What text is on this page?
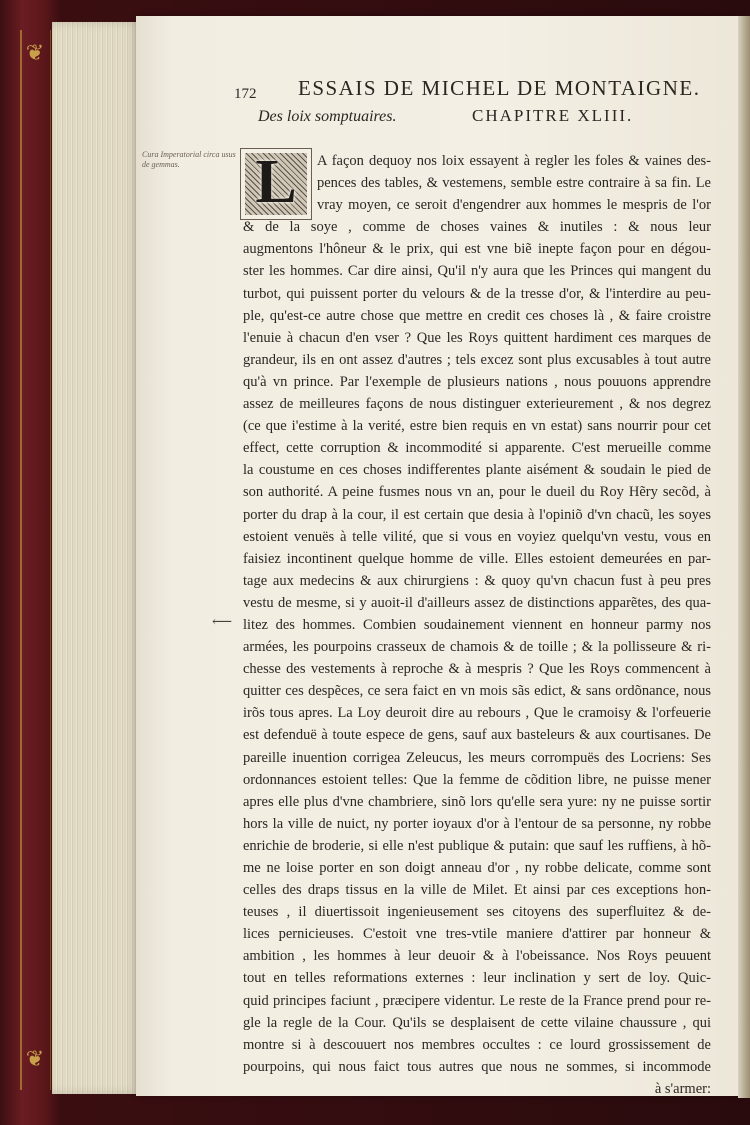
❦
❦
172 ESSAIS DE MICHEL DE MONTAIGNE.
Des loix somptuaires.	CHAPITRE XLIII.
Cura Imperatorial circa usus de gemmas.
⟵
L	A façon dequoy nos loix essayent à regler les foles & vaines des-
pences des tables, & vestemens, semble estre contraire à sa fin. Le
vray moyen, ce seroit d'engendrer aux hommes le mespris de l'or
& de la soye , comme de choses vaines & inutiles : & nous leur
augmentons l'hôneur & le prix, qui est vne biẽ inepte façon pour en dégou-
ster les hommes. Car dire ainsi, Qu'il n'y aura que les Princes qui mangent du
turbot, qui puissent porter du velours & de la tresse d'or, & l'interdire au peu-
ple, qu'est-ce autre chose que mettre en credit ces choses là , & faire croistre
l'enuie à chacun d'en vser ? Que les Roys quittent hardiment ces marques de
grandeur, ils en ont assez d'autres ; tels excez sont plus excusables à tout autre
qu'à vn prince. Par l'exemple de plusieurs nations , nous pouuons apprendre
assez de meilleures façons de nous distinguer exterieurement , & nos degrez
(ce que i'estime à la verité, estre bien requis en vn estat) sans nourrir pour cet
effect, cette corruption & incommodité si apparente. C'est merueille comme
la coustume en ces choses indifferentes plante aisément & soudain le pied de
son authorité. A peine fusmes nous vn an, pour le dueil du Roy Hẽry secõd, à
porter du drap à la cour, il est certain que desia à l'opiniõ d'vn chacũ, les soyes
estoient venuës à telle vilité, que si vous en voyiez quelqu'vn vestu, vous en
faisiez incontinent quelque homme de ville. Elles estoient demeurées en par-
tage aux medecins & aux chirurgiens : & quoy qu'vn chacun fust à peu pres
vestu de mesme, si y auoit-il d'ailleurs assez de distinctions apparẽtes, des qua-
litez des hommes. Combien soudainement viennent en honneur parmy nos
armées, les pourpoins crasseux de chamois & de toille ; & la pollisseure & ri-
chesse des vestements à reproche & à mespris ? Que les Roys commencent à
quitter ces despẽces, ce sera faict en vn mois sãs edict, & sans ordõnance, nous
irõs tous apres. La Loy deuroit dire au rebours , Que le cramoisy & l'orfeuerie
est defenduë à toute espece de gens, sauf aux basteleurs & aux courtisanes. De
pareille inuention corrigea Zeleucus, les meurs corrompuës des Locriens: Ses
ordonnances estoient telles: Que la femme de cõdition libre, ne puisse mener
apres elle plus d'vne chambriere, sinõ lors qu'elle sera yure: ny ne puisse sortir
hors la ville de nuict, ny porter ioyaux d'or à l'entour de sa personne, ny robbe
enrichie de broderie, si elle n'est publique & putain: que sauf les ruffiens, à hõ-
me ne loise porter en son doigt anneau d'or , ny robbe delicate, comme sont
celles des draps tissus en la ville de Milet. Et ainsi par ces exceptions hon-
teuses , il diuertissoit ingenieusement ses citoyens des superfluitez & de-
lices pernicieuses. C'estoit vne tres-vtile maniere d'attirer par honneur &
ambition , les hommes à leur deuoir & à l'obeissance. Nos Roys peuuent
tout en telles reformations externes : leur inclination y sert de loy. Quic-
quid principes faciunt , præcipere videntur. Le reste de la France prend pour re-
gle la regle de la Cour. Qu'ils se desplaisent de cette vilaine chaussure , qui
montre si à descouuert nos membres occultes : ce lourd grossissement de
pourpoins, qui nous faict tous autres que nous ne sommes, si incommode
à s'armer:
